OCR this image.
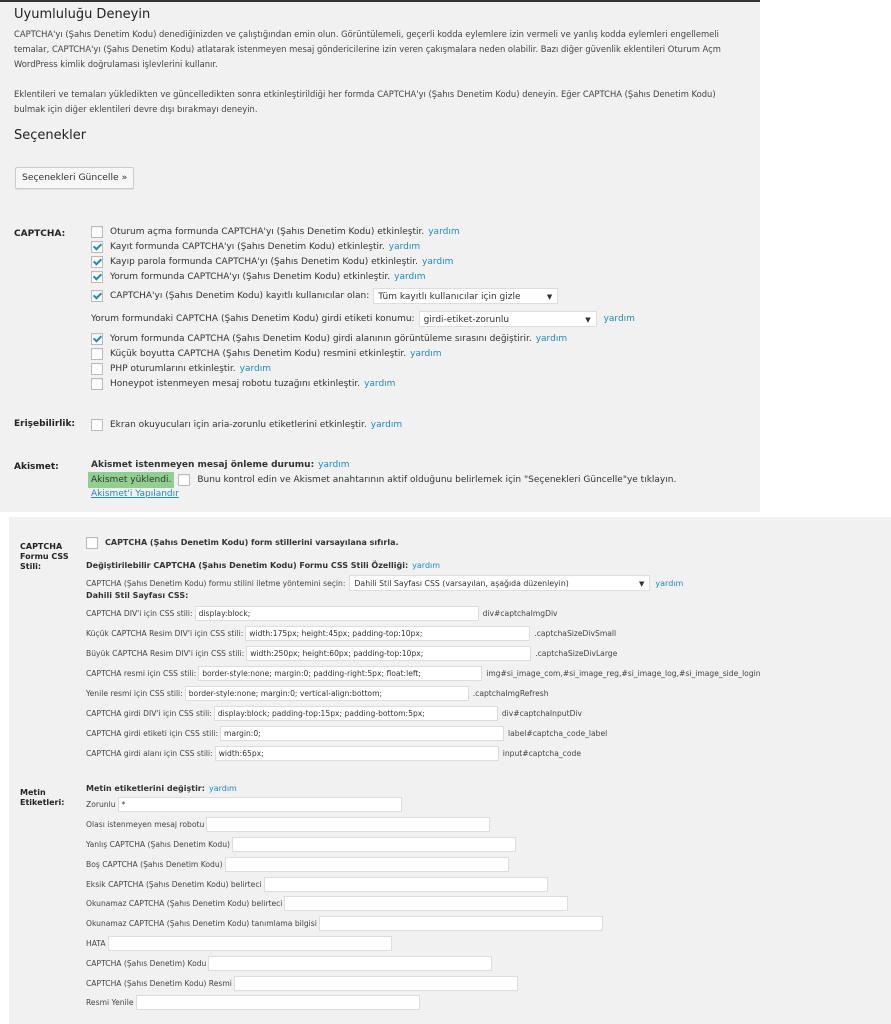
Uyumluluğu Deneyin
CAPTCHA'yı (Şahıs Denetim Kodu) denediğinizden ve çalıştığından emin olun. Görüntülemeli, geçerli kodda eylemlere izin vermeli ve yanlış kodda eylemleri engellemeli
temalar, CAPTCHA'yı (Şahıs Denetim Kodu) atlatarak istenmeyen mesaj göndericilerine izin veren çakışmalara neden olabilir. Bazı diğer güvenlik eklentileri Oturum Açm
WordPress kimlik doğrulaması işlevlerini kullanır.
Eklentileri ve temaları yükledikten ve güncelledikten sonra etkinleştirildiği her formda CAPTCHA'yı (Şahıs Denetim Kodu) deneyin. Eğer CAPTCHA (Şahıs Denetim Kodu)
bulmak için diğer eklentileri devre dışı bırakmayı deneyin.
Seçenekler
Seçenekleri Güncelle »
CAPTCHA:	Oturum açma formunda CAPTCHA'yı (Şahıs Denetim Kodu) etkinleştir. yardım
Kayıt formunda CAPTCHA'yı (Şahıs Denetim Kodu) etkinleştir. yardım
Kayıp parola formunda CAPTCHA'yı (Şahıs Denetim Kodu) etkinleştir. yardım
Yorum formunda CAPTCHA'yı (Şahıs Denetim Kodu) etkinleştir. yardım
CAPTCHA'yı (Şahıs Denetim Kodu) kayıtlı kullanıcılar olan:	Tüm kayıtlı kullanıcılar için gizle	▼
Yorum formundaki CAPTCHA (Şahıs Denetim Kodu) girdi etiketi konumu:	girdi-etiket-zorunlu	▼ yardım
Yorum formunda CAPTCHA (Şahıs Denetim Kodu) girdi alanının görüntüleme sırasını değiştirir. yardım
Küçük boyutta CAPTCHA (Şahıs Denetim Kodu) resmini etkinleştir. yardım
PHP oturumlarını etkinleştir. yardım
Honeypot istenmeyen mesaj robotu tuzağını etkinleştir. yardım
Erişebilirlik:	Ekran okuyucuları için aria-zorunlu etiketlerini etkinleştir. yardım
Akismet:	Akismet istenmeyen mesaj önleme durumu: yardım
Akismet yüklendi.	Bunu kontrol edin ve Akismet anahtarının aktif olduğunu belirlemek için "Seçenekleri Güncelle"ye tıklayın.
Akismet'i Yapılandır
CAPTCHA
Formu CSS
Stili:
CAPTCHA (Şahıs Denetim Kodu) form stillerini varsayılana sıfırla.
Değiştirilebilir CAPTCHA (Şahıs Denetim Kodu) Formu CSS Stili Özelliği: yardım
CAPTCHA (Şahıs Denetim Kodu) formu stilini iletme yöntemini seçin:	Dahili Stil Sayfası CSS (varsayılan, aşağıda düzenleyin)	▼ yardım
Dahili Stil Sayfası CSS:
CAPTCHA DIV'i için CSS stili: display:block;	div#captchaImgDiv
Küçük CAPTCHA Resim DIV'i için CSS stili: width:175px; height:45px; padding-top:10px;	.captchaSizeDivSmall
Büyük CAPTCHA Resim DIV'i için CSS stili: width:250px; height:60px; padding-top:10px;	.captchaSizeDivLarge
CAPTCHA resmi için CSS stili: border-style:none; margin:0; padding-right:5px; float:left;	img#si_image_com,#si_image_reg,#si_image_log,#si_image_side_login
Yenile resmi için CSS stili: border-style:none; margin:0; vertical-align:bottom;	.captchaImgRefresh
CAPTCHA girdi DIV'i için CSS stili: display:block; padding-top:15px; padding-bottom:5px;	div#captchaInputDiv
CAPTCHA girdi etiketi için CSS stili: margin:0;	label#captcha_code_label
CAPTCHA girdi alanı için CSS stili: width:65px;	input#captcha_code
Metin
Etiketleri:
Metin etiketlerini değiştir: yardım
Zorunlu *
Olası istenmeyen mesaj robotu
Yanlış CAPTCHA (Şahıs Denetim Kodu)
Boş CAPTCHA (Şahıs Denetim Kodu)
Eksik CAPTCHA (Şahıs Denetim Kodu) belirteci
Okunamaz CAPTCHA (Şahıs Denetim Kodu) belirteci
Okunamaz CAPTCHA (Şahıs Denetim Kodu) tanımlama bilgisi
HATA
CAPTCHA (Şahıs Denetim) Kodu
CAPTCHA (Şahıs Denetim Kodu) Resmi
Resmi Yenile
